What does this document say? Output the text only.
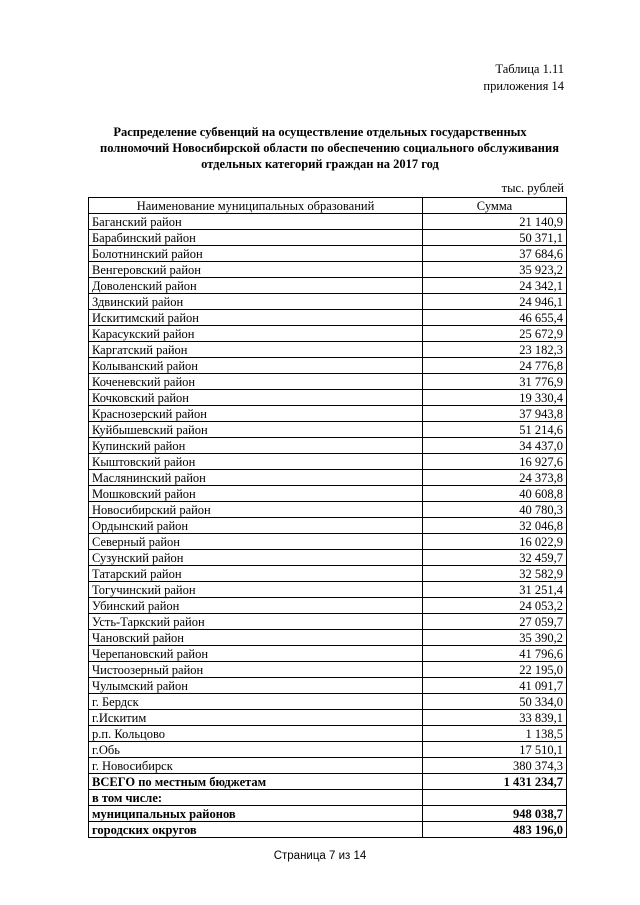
Таблица 1.11
приложения 14
Распределение субвенций на осуществление отдельных государственных
полномочий Новосибирской области по обеспечению социального обслуживания
отдельных категорий граждан на 2017 год
тыс. рублей
Наименование муниципальных образований	Сумма
Баганский район	21 140,9
Барабинский район	50 371,1
Болотнинский район	37 684,6
Венгеровский район	35 923,2
Доволенский район	24 342,1
Здвинский район	24 946,1
Искитимский район	46 655,4
Карасукский район	25 672,9
Каргатский район	23 182,3
Колыванский район	24 776,8
Коченевский район	31 776,9
Кочковский район	19 330,4
Краснозерский район	37 943,8
Куйбышевский район	51 214,6
Купинский район	34 437,0
Кыштовский район	16 927,6
Маслянинский район	24 373,8
Мошковский район	40 608,8
Новосибирский район	40 780,3
Ордынский район	32 046,8
Северный район	16 022,9
Сузунский район	32 459,7
Татарский район	32 582,9
Тогучинский район	31 251,4
Убинский район	24 053,2
Усть-Таркский район	27 059,7
Чановский район	35 390,2
Черепановский район	41 796,6
Чистоозерный район	22 195,0
Чулымский район	41 091,7
г. Бердск	50 334,0
г.Искитим	33 839,1
р.п. Кольцово	1 138,5
г.Обь	17 510,1
г. Новосибирск	380 374,3
ВСЕГО по местным бюджетам	1 431 234,7
в том числе:	
муниципальных районов	948 038,7
городских округов	483 196,0
Страница 7 из 14
